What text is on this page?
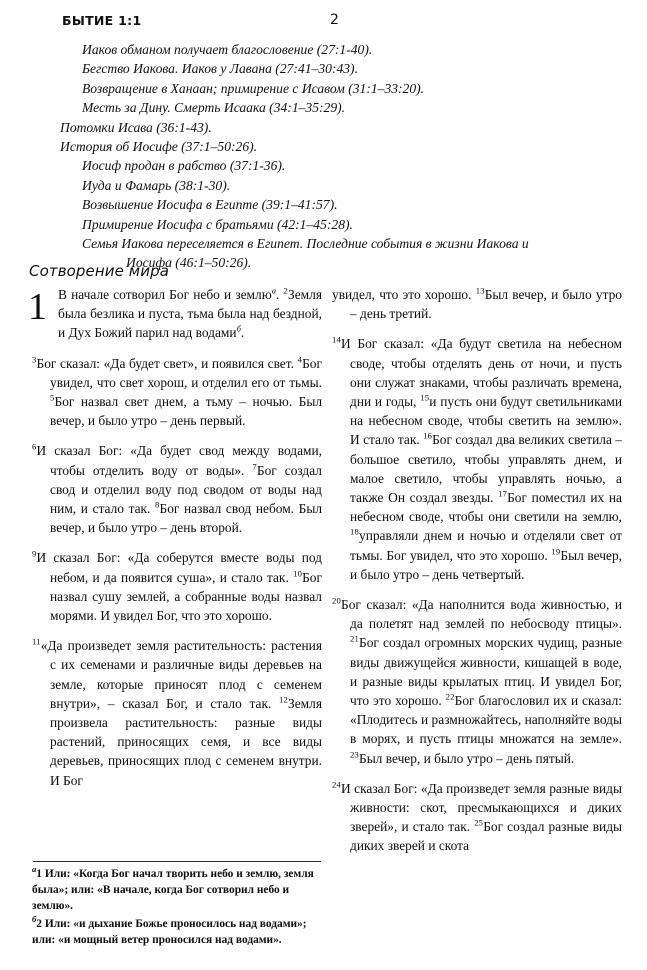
БЫТИЕ 1:1	2
Иаков обманом получает благословение (27:1-40).
Бегство Иакова. Иаков у Лавана (27:41–30:43).
Возвращение в Ханаан; примирение с Исавом (31:1–33:20).
Месть за Дину. Смерть Исаака (34:1–35:29).
Потомки Исава (36:1-43).
История об Иосифе (37:1–50:26).
Иосиф продан в рабство (37:1-36).
Иуда и Фамарь (38:1-30).
Возвышение Иосифа в Египте (39:1–41:57).
Примирение Иосифа с братьями (42:1–45:28).
Семья Иакова переселяется в Египет. Последние события в жизни Иакова и
Иосифа (46:1–50:26).
Сотворение мира
1 В начале сотворил Бог небо и землю$^а$. $^2$Земля была безлика и пуста, тьма была над бездной, и Дух Божий парил над водами$^б$.

$^3$Бог сказал: «Да будет свет», и появился свет. $^4$Бог увидел, что свет хорош, и отделил его от тьмы. $^5$Бог назвал свет днем, а тьму – ночью. Был вечер, и было утро – день первый.

$^6$И сказал Бог: «Да будет свод между водами, чтобы отделить воду от воды». $^7$Бог создал свод и отделил воду под сводом от воды над ним, и стало так. $^8$Бог назвал свод небом. Был вечер, и было утро – день второй.

$^9$И сказал Бог: «Да соберутся вместе воды под небом, и да появится суша», и стало так. $^{10}$Бог назвал сушу землей, а собранные воды назвал морями. И увидел Бог, что это хорошо.

$^{11}$«Да произведет земля растительность: растения с их семенами и различные виды деревьев на земле, которые приносят плод с семенем внутри», – сказал Бог, и стало так. $^{12}$Земля произвела растительность: разные виды растений, приносящих семя, и все виды деревьев, приносящих плод с семенем внутри. И Бог

увидел, что это хорошо. $^{13}$Был вечер, и было утро – день третий.

$^{14}$И Бог сказал: «Да будут светила на небесном своде, чтобы отделять день от ночи, и пусть они служат знаками, чтобы различать времена, дни и годы, $^{15}$и пусть они будут светильниками на небесном своде, чтобы светить на землю». И стало так. $^{16}$Бог создал два великих светила – большое светило, чтобы управлять днем, и малое светило, чтобы управлять ночью, а также Он создал звезды. $^{17}$Бог поместил их на небесном своде, чтобы они светили на землю, $^{18}$управляли днем и ночью и отделяли свет от тьмы. Бог увидел, что это хорошо. $^{19}$Был вечер, и было утро – день четвертый.

$^{20}$Бог сказал: «Да наполнится вода живностью, и да полетят над землей по небосводу птицы». $^{21}$Бог создал огромных морских чудищ, разные виды движущейся живности, кишащей в воде, и разные виды крылатых птиц. И увидел Бог, что это хорошо. $^{22}$Бог благословил их и сказал: «Плодитесь и размножайтесь, наполняйте воды в морях, и пусть птицы множатся на земле». $^{23}$Был вечер, и было утро – день пятый.

$^{24}$И сказал Бог: «Да произведет земля разные виды живности: скот, пресмыкающихся и диких зверей», и стало так. $^{25}$Бог создал разные виды диких зверей и скота

$^а$1 Или: «Когда Бог начал творить небо и землю, земля была»; или: «В начале, когда Бог сотворил небо и землю».

$^б$2 Или: «и дыхание Божье проносилось над водами»; или: «и мощный ветер проносился над водами».
